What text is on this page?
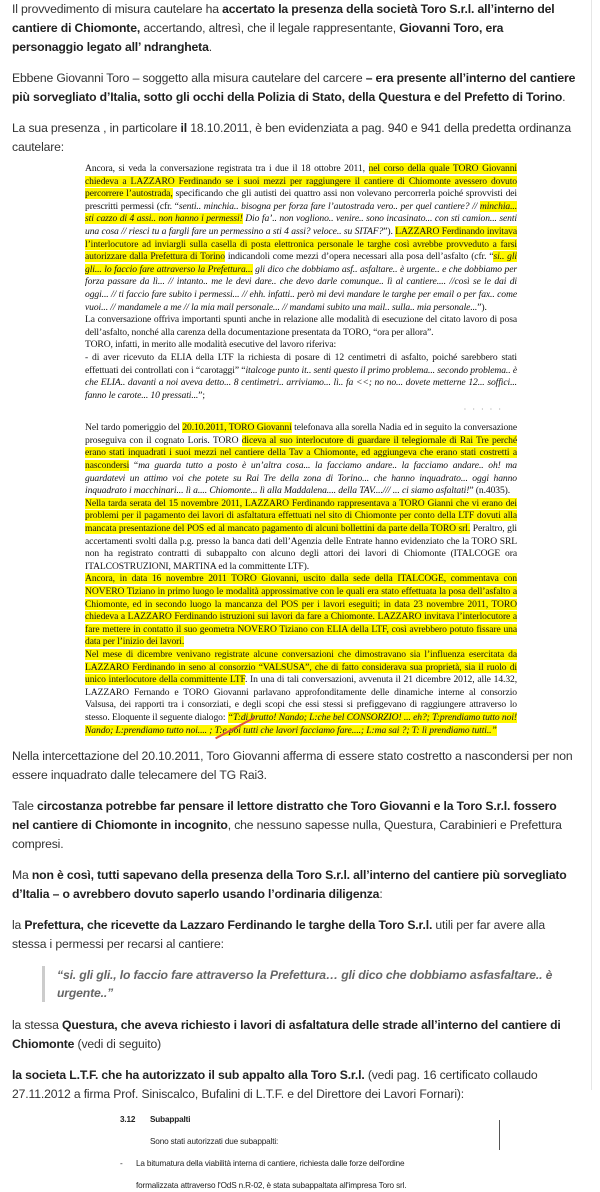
Il provvedimento di misura cautelare ha accertato la presenza della società Toro S.r.l. all’interno del cantiere di Chiomonte, accertando, altresì, che il legale rappresentante, Giovanni Toro, era personaggio legato all’ ndrangheta.

Ebbene Giovanni Toro – soggetto alla misura cautelare del carcere – era presente all’interno del cantiere più sorvegliato d’Italia, sotto gli occhi della Polizia di Stato, della Questura e del Prefetto di Torino.

La sua presenza , in particolare il 18.10.2011, è ben evidenziata a pag. 940 e 941 della predetta ordinanza cautelare:

Ancora, si veda la conversazione registrata tra i due il 18 ottobre 2011, nel corso della quale TORO Giovanni chiedeva a LAZZARO Ferdinando se i suoi mezzi per raggiungere il cantiere di Chiomonte avessero dovuto percorrere l’autostrada, specificando che gli autisti dei quattro assi non volevano percorrerla poiché sprovvisti dei prescritti permessi (cfr. “senti.. minchia.. bisogna per forza fare l’autostrada vero.. per quel cantiere? // minchia... sti cazzo di 4 assi.. non hanno i permessi! Dio fa’.. non vogliono.. venire.. sono incasinato... con sti camion... senti una cosa // riesci tu a fargli fare un permessino a sti 4 assi? veloce.. su SITAF?”). LAZZARO Ferdinando invitava l’interlocutore ad inviargli sulla casella di posta elettronica personale le targhe così avrebbe provveduto a farsi autorizzare dalla Prefettura di Torino indicandoli come mezzi d’opera necessari alla posa dell’asfalto (cfr. “si.. gli gli... lo faccio fare attraverso la Prefettura... gli dico che dobbiamo asf.. asfaltare.. è urgente.. e che dobbiamo per forza passare da lì... // intanto.. me le devi dare.. che devo darle comunque.. lì al cantiere.... //così se le dai di oggi... // ti faccio fare subito i permessi... // ehh. infatti.. però mi devi mandare le targhe per email o per fax.. come vuoi... // mandamele a me // la mia mail personale... // mandami subito una mail.. sulla.. mia personale...”).

La conversazione offriva importanti spunti anche in relazione alle modalità di esecuzione del citato lavoro di posa dell’asfalto, nonché alla carenza della documentazione presentata da TORO, “ora per allora”.

TORO, infatti, in merito alle modalità esecutive del lavoro riferiva:

- di aver ricevuto da ELIA della LTF la richiesta di posare di 12 centimetri di asfalto, poiché sarebbero stati effettuati dei controllati con i “carotaggi” “italcoge punto it.. senti questo il primo problema... secondo problema.. è che ELIA.. davanti a noi aveva detto... 8 centimetri.. arriviamo... lì.. fa <<; no no... dovete metterne 12... soffici... fanno le carote... 10 pressati...”;

·····

Nel tardo pomeriggio del 20.10.2011, TORO Giovanni telefonava alla sorella Nadia ed in seguito la conversazione proseguiva con il cognato Loris. TORO diceva al suo interlocutore di guardare il telegiornale di Rai Tre perché erano stati inquadrati i suoi mezzi nel cantiere della Tav a Chiomonte, ed aggiungeva che erano stati costretti a nascondersi “ma guarda tutto a posto è un’altra cosa... la facciamo andare.. la facciamo andare.. oh! ma guardatevi un attimo voi che potete su Rai Tre della zona di Torino... che hanno inquadrato... oggi hanno inquadrato i macchinari... lì a.... Chiomonte... lì alla Maddalena.... della TAV..../// ... ci siamo asfaltati!” (n.4035).

Nella tarda serata del 15 novembre 2011, LAZZARO Ferdinando rappresentava a TORO Gianni che vi erano dei problemi per il pagamento dei lavori di asfaltatura effettuati nel sito di Chiomonte per conto della LTF dovuti alla mancata presentazione del POS ed al mancato pagamento di alcuni bollettini da parte della TORO srl. Peraltro, gli accertamenti svolti dalla p.g. presso la banca dati dell’Agenzia delle Entrate hanno evidenziato che la TORO SRL non ha registrato contratti di subappalto con alcuno degli attori dei lavori di Chiomonte (ITALCOGE ora ITALCOSTRUZIONI, MARTINA ed la committente LTF).

Ancora, in data 16 novembre 2011 TORO Giovanni, uscito dalla sede della ITALCOGE, commentava con NOVERO Tiziano in primo luogo le modalità approssimative con le quali era stato effettuata la posa dell’asfalto a Chiomonte, ed in secondo luogo la mancanza del POS per i lavori eseguiti; in data 23 novembre 2011, TORO chiedeva a LAZZARO Ferdinando istruzioni sui lavori da fare a Chiomonte. LAZZARO invitava l’interlocutore a fare mettere in contatto il suo geometra NOVERO Tiziano con ELIA della LTF, così avrebbero potuto fissare una data per l’inizio dei lavori.

Nel mese di dicembre venivano registrate alcune conversazioni che dimostravano sia l’influenza esercitata da LAZZARO Ferdinando in seno al consorzio “VALSUSA”, che di fatto considerava sua proprietà, sia il ruolo di unico interlocutore della committente LTF. In una di tali conversazioni, avvenuta il 21 dicembre 2012, alle 14.32, LAZZARO Fernando e TORO Giovanni parlavano approfonditamente delle dinamiche interne al consorzio Valsusa, dei rapporti tra i consorziati, e degli scopi che essi stessi si prefiggevano di raggiungere attraverso lo stesso. Eloquente il seguente dialogo: “T:di brutto! Nando; L:che bel CONSORZIO! ... eh?; T:prendiamo tutto noi! Nando; L:prendiamo tutto noi.... ; T:e poi tutti che lavori facciamo fare....; L:ma sai ?; T: lì prendiamo tutti..”

Nella intercettazione del 20.10.2011, Toro Giovanni afferma di essere stato costretto a nascondersi per non essere inquadrato dalle telecamere del TG Rai3.

Tale circostanza potrebbe far pensare il lettore distratto che Toro Giovanni e la Toro S.r.l. fossero nel cantiere di Chiomonte in incognito, che nessuno sapesse nulla, Questura, Carabinieri e Prefettura compresi.

Ma non è così, tutti sapevano della presenza della Toro S.r.l. all’interno del cantiere più sorvegliato d’Italia – o avrebbero dovuto saperlo usando l’ordinaria diligenza:

la Prefettura, che ricevette da Lazzaro Ferdinando le targhe della Toro S.r.l. utili per far avere alla stessa i permessi per recarsi al cantiere:

“si. gli gli., lo faccio fare attraverso la Prefettura… gli dico che dobbiamo asfasfaltare.. è urgente..”

la stessa Questura, che aveva richiesto i lavori di asfaltatura delle strade all’interno del cantiere di Chiomonte (vedi di seguito)

la societa L.T.F. che ha autorizzato il sub appalto alla Toro S.r.l. (vedi pag. 16 certificato collaudo 27.11.2012 a firma Prof. Siniscalco, Bufalini di L.T.F. e del Direttore dei Lavori Fornari):

3.12 Subappalti
Sono stati autorizzati due subappalti:
- La bitumatura della viabilità interna di cantiere, richiesta dalle forze dell'ordine
formalizzata attraverso l'OdS n.R-02, è stata subappaltata all'impresa Toro srl.
